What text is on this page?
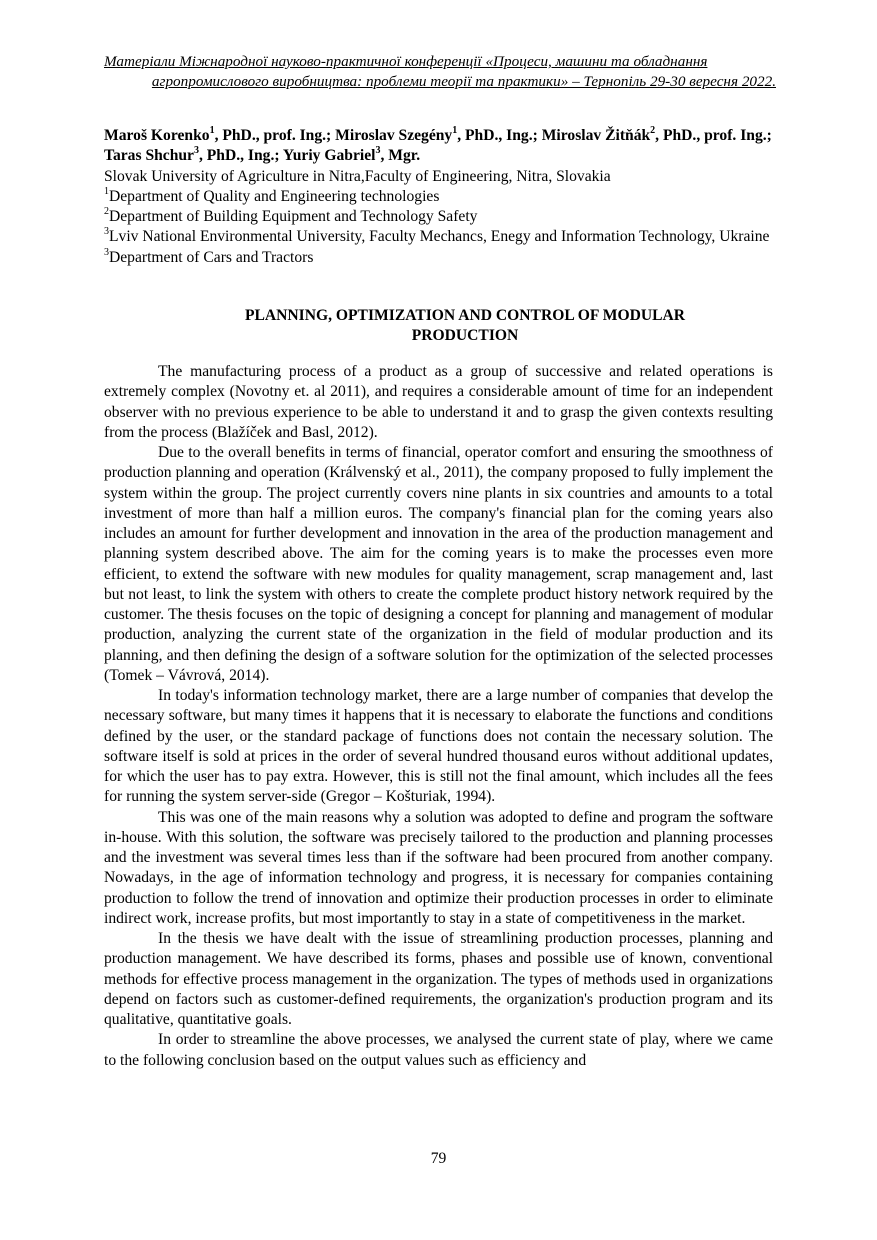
Матеріали Міжнародної науково-практичної конференції «Процеси, машини та обладнання
агропромислового виробництва: проблеми теорії та практики» – Тернопіль 29-30 вересня 2022.
Maroš Korenko$^1$, PhD., prof. Ing.; Miroslav Szegény$^1$, PhD., Ing.; Miroslav Žitňák$^2$, PhD., prof. Ing.; Taras Shchur$^3$, PhD., Ing.; Yuriy Gabriel$^3$, Mgr.
Slovak University of Agriculture in Nitra,Faculty of Engineering, Nitra, Slovakia
$^1$Department of Quality and Engineering technologies
$^2$Department of Building Equipment and Technology Safety
$^3$Lviv National Environmental University, Faculty Mechancs, Enegy and Information Technology, Ukraine
$^3$Department of Cars and Tractors
PLANNING, OPTIMIZATION AND CONTROL OF MODULAR PRODUCTION

The manufacturing process of a product as a group of successive and related operations is extremely complex (Novotny et. al 2011), and requires a considerable amount of time for an independent observer with no previous experience to be able to understand it and to grasp the given contexts resulting from the process (Blažíček and Basl, 2012).

Due to the overall benefits in terms of financial, operator comfort and ensuring the smoothness of production planning and operation (Králvenský et al., 2011), the company proposed to fully implement the system within the group. The project currently covers nine plants in six countries and amounts to a total investment of more than half a million euros. The company's financial plan for the coming years also includes an amount for further development and innovation in the area of the production management and planning system described above. The aim for the coming years is to make the processes even more efficient, to extend the software with new modules for quality management, scrap management and, last but not least, to link the system with others to create the complete product history network required by the customer. The thesis focuses on the topic of designing a concept for planning and management of modular production, analyzing the current state of the organization in the field of modular production and its planning, and then defining the design of a software solution for the optimization of the selected processes (Tomek – Vávrová, 2014).

In today's information technology market, there are a large number of companies that develop the necessary software, but many times it happens that it is necessary to elaborate the functions and conditions defined by the user, or the standard package of functions does not contain the necessary solution. The software itself is sold at prices in the order of several hundred thousand euros without additional updates, for which the user has to pay extra. However, this is still not the final amount, which includes all the fees for running the system server-side (Gregor – Košturiak, 1994).

This was one of the main reasons why a solution was adopted to define and program the software in-house. With this solution, the software was precisely tailored to the production and planning processes and the investment was several times less than if the software had been procured from another company. Nowadays, in the age of information technology and progress, it is necessary for companies containing production to follow the trend of innovation and optimize their production processes in order to eliminate indirect work, increase profits, but most importantly to stay in a state of competitiveness in the market.

In the thesis we have dealt with the issue of streamlining production processes, planning and production management. We have described its forms, phases and possible use of known, conventional methods for effective process management in the organization. The types of methods used in organizations depend on factors such as customer-defined requirements, the organization's production program and its qualitative, quantitative goals.

In order to streamline the above processes, we analysed the current state of play, where we came to the following conclusion based on the output values such as efficiency and

79
